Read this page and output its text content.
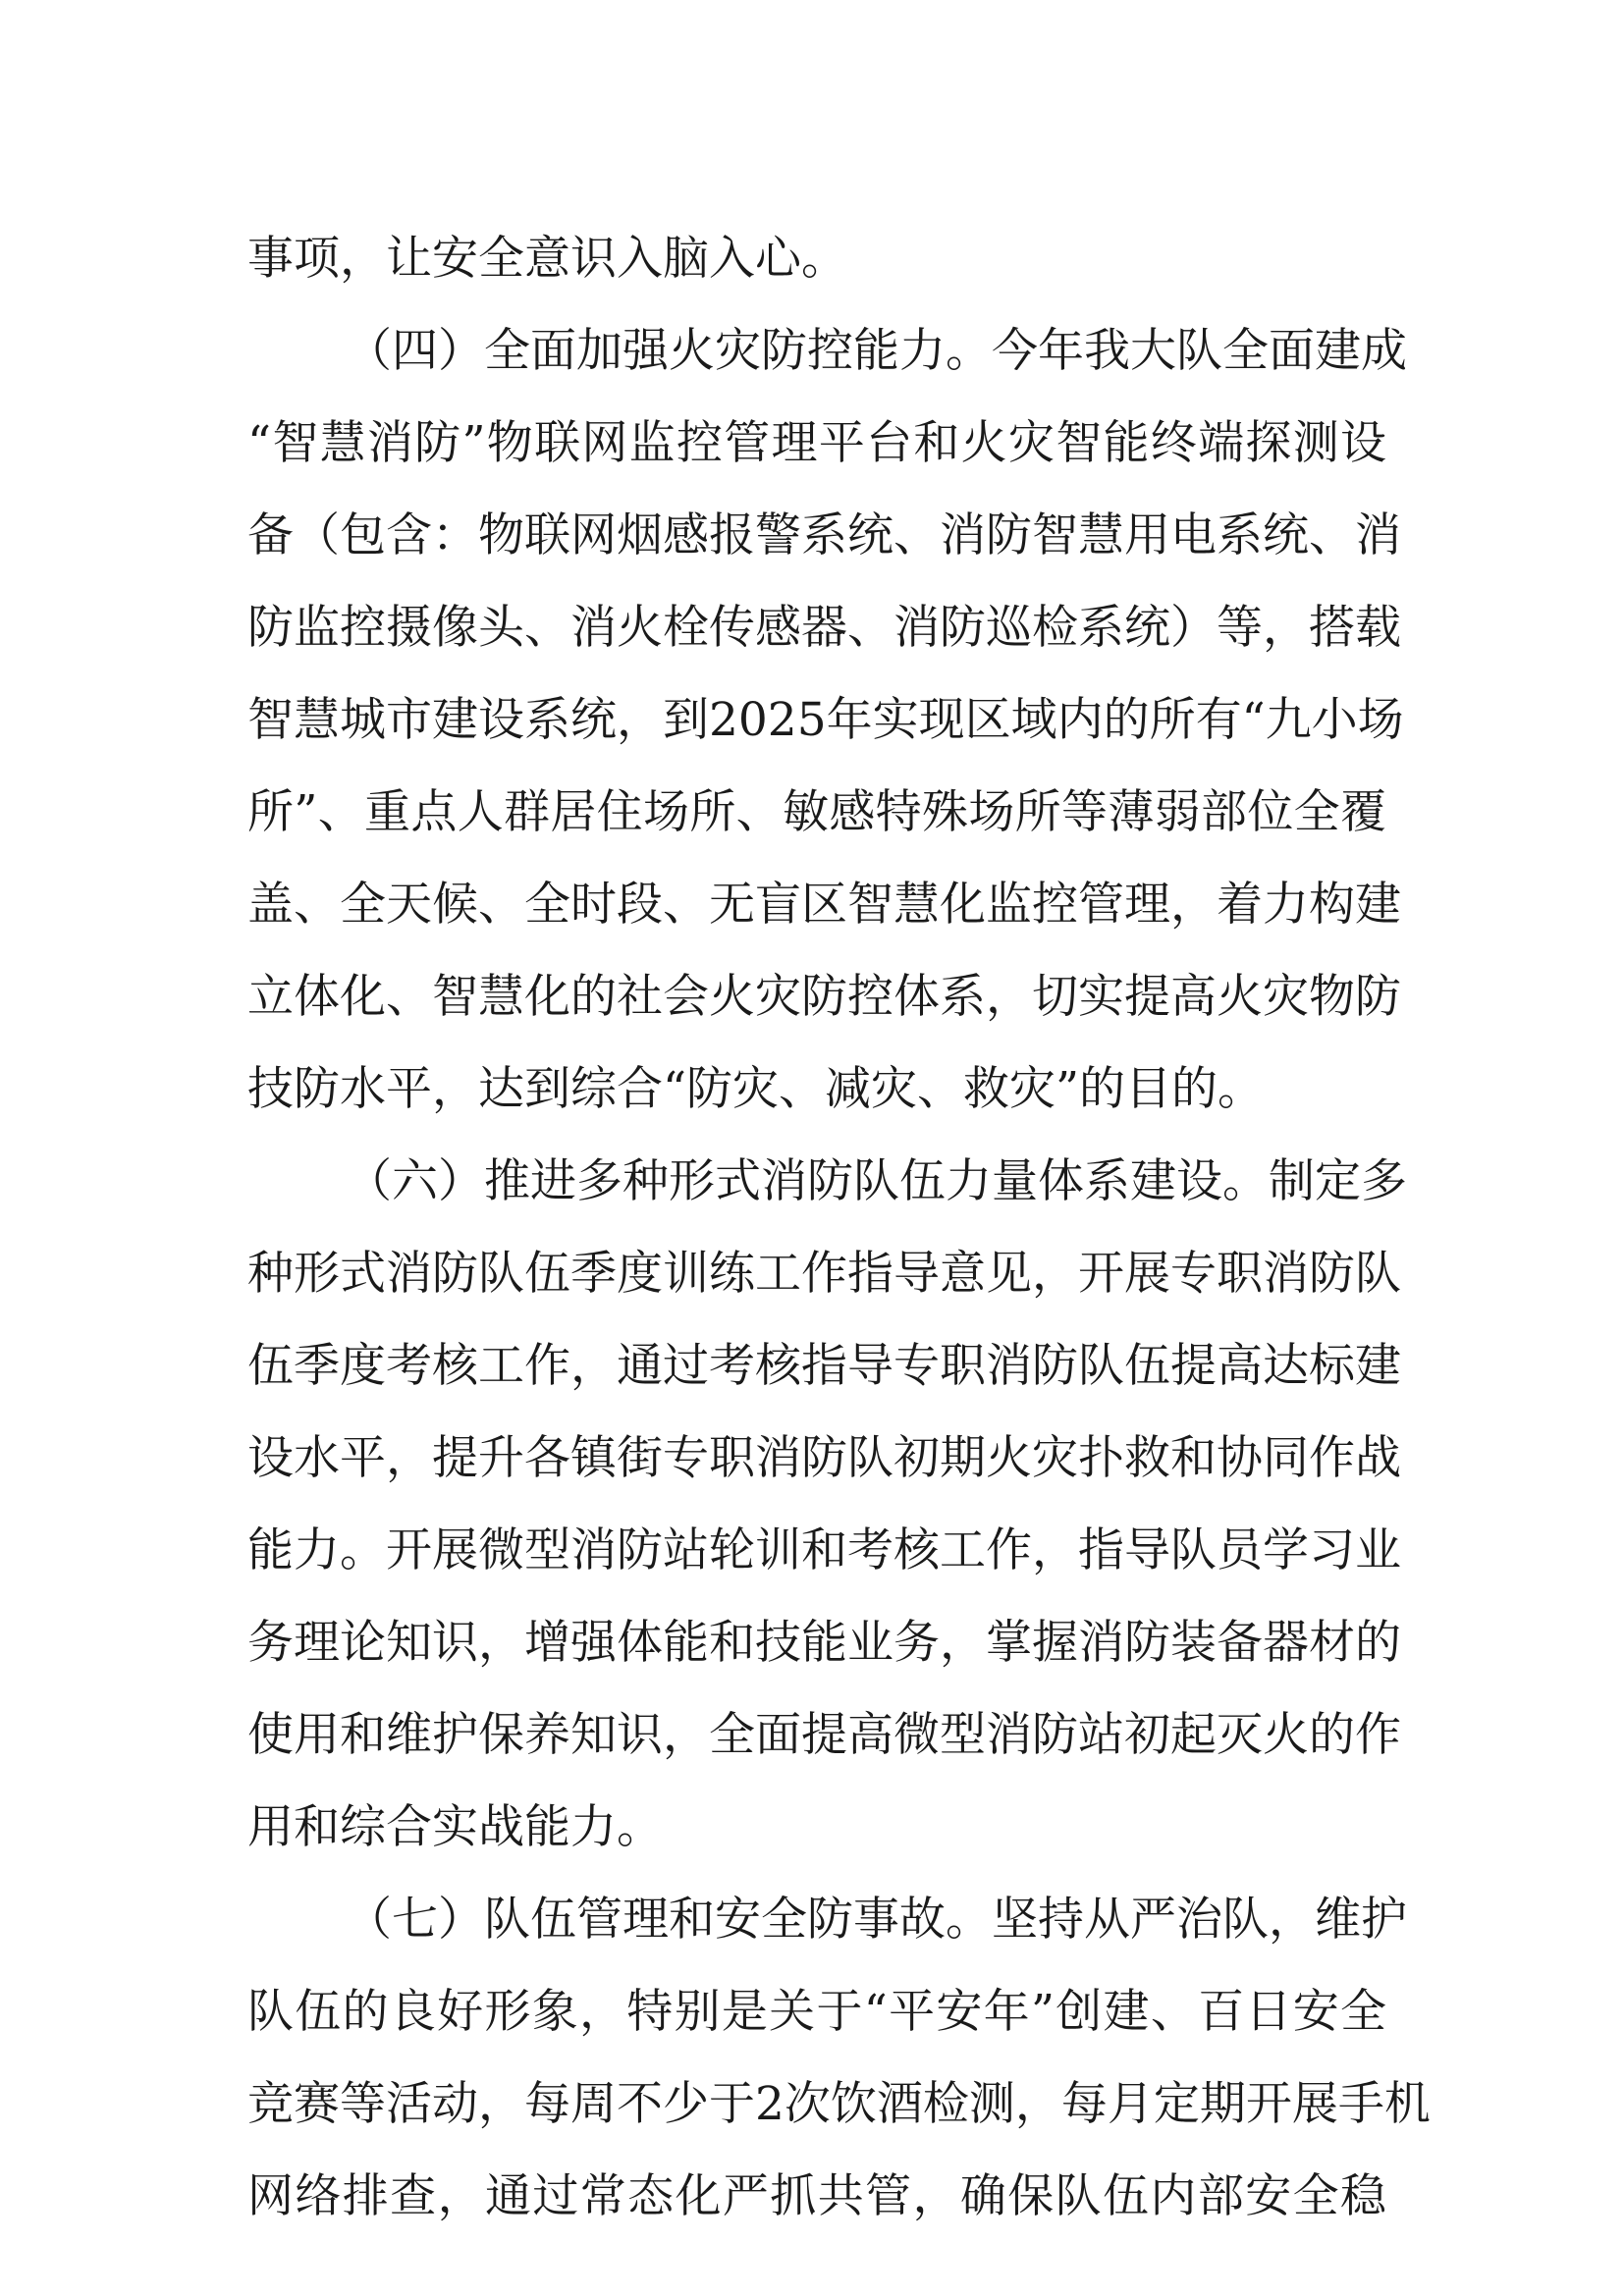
事项，让安全意识入脑入心。
（四）全面加强火灾防控能力。今年我大队全面建成
“智慧消防”物联网监控管理平台和火灾智能终端探测设
备（包含：物联网烟感报警系统、消防智慧用电系统、消
防监控摄像头、消火栓传感器、消防巡检系统）等，搭载
智慧城市建设系统，到2025年实现区域内的所有“九小场
所”、重点人群居住场所、敏感特殊场所等薄弱部位全覆
盖、全天候、全时段、无盲区智慧化监控管理，着力构建
立体化、智慧化的社会火灾防控体系，切实提高火灾物防
技防水平，达到综合“防灾、减灾、救灾”的目的。
（六）推进多种形式消防队伍力量体系建设。制定多
种形式消防队伍季度训练工作指导意见，开展专职消防队
伍季度考核工作，通过考核指导专职消防队伍提高达标建
设水平，提升各镇街专职消防队初期火灾扑救和协同作战
能力。开展微型消防站轮训和考核工作，指导队员学习业
务理论知识，增强体能和技能业务，掌握消防装备器材的
使用和维护保养知识，全面提高微型消防站初起灭火的作
用和综合实战能力。
（七）队伍管理和安全防事故。坚持从严治队，维护
队伍的良好形象，特别是关于“平安年”创建、百日安全
竞赛等活动，每周不少于2次饮酒检测，每月定期开展手机
网络排查，通过常态化严抓共管，确保队伍内部安全稳
